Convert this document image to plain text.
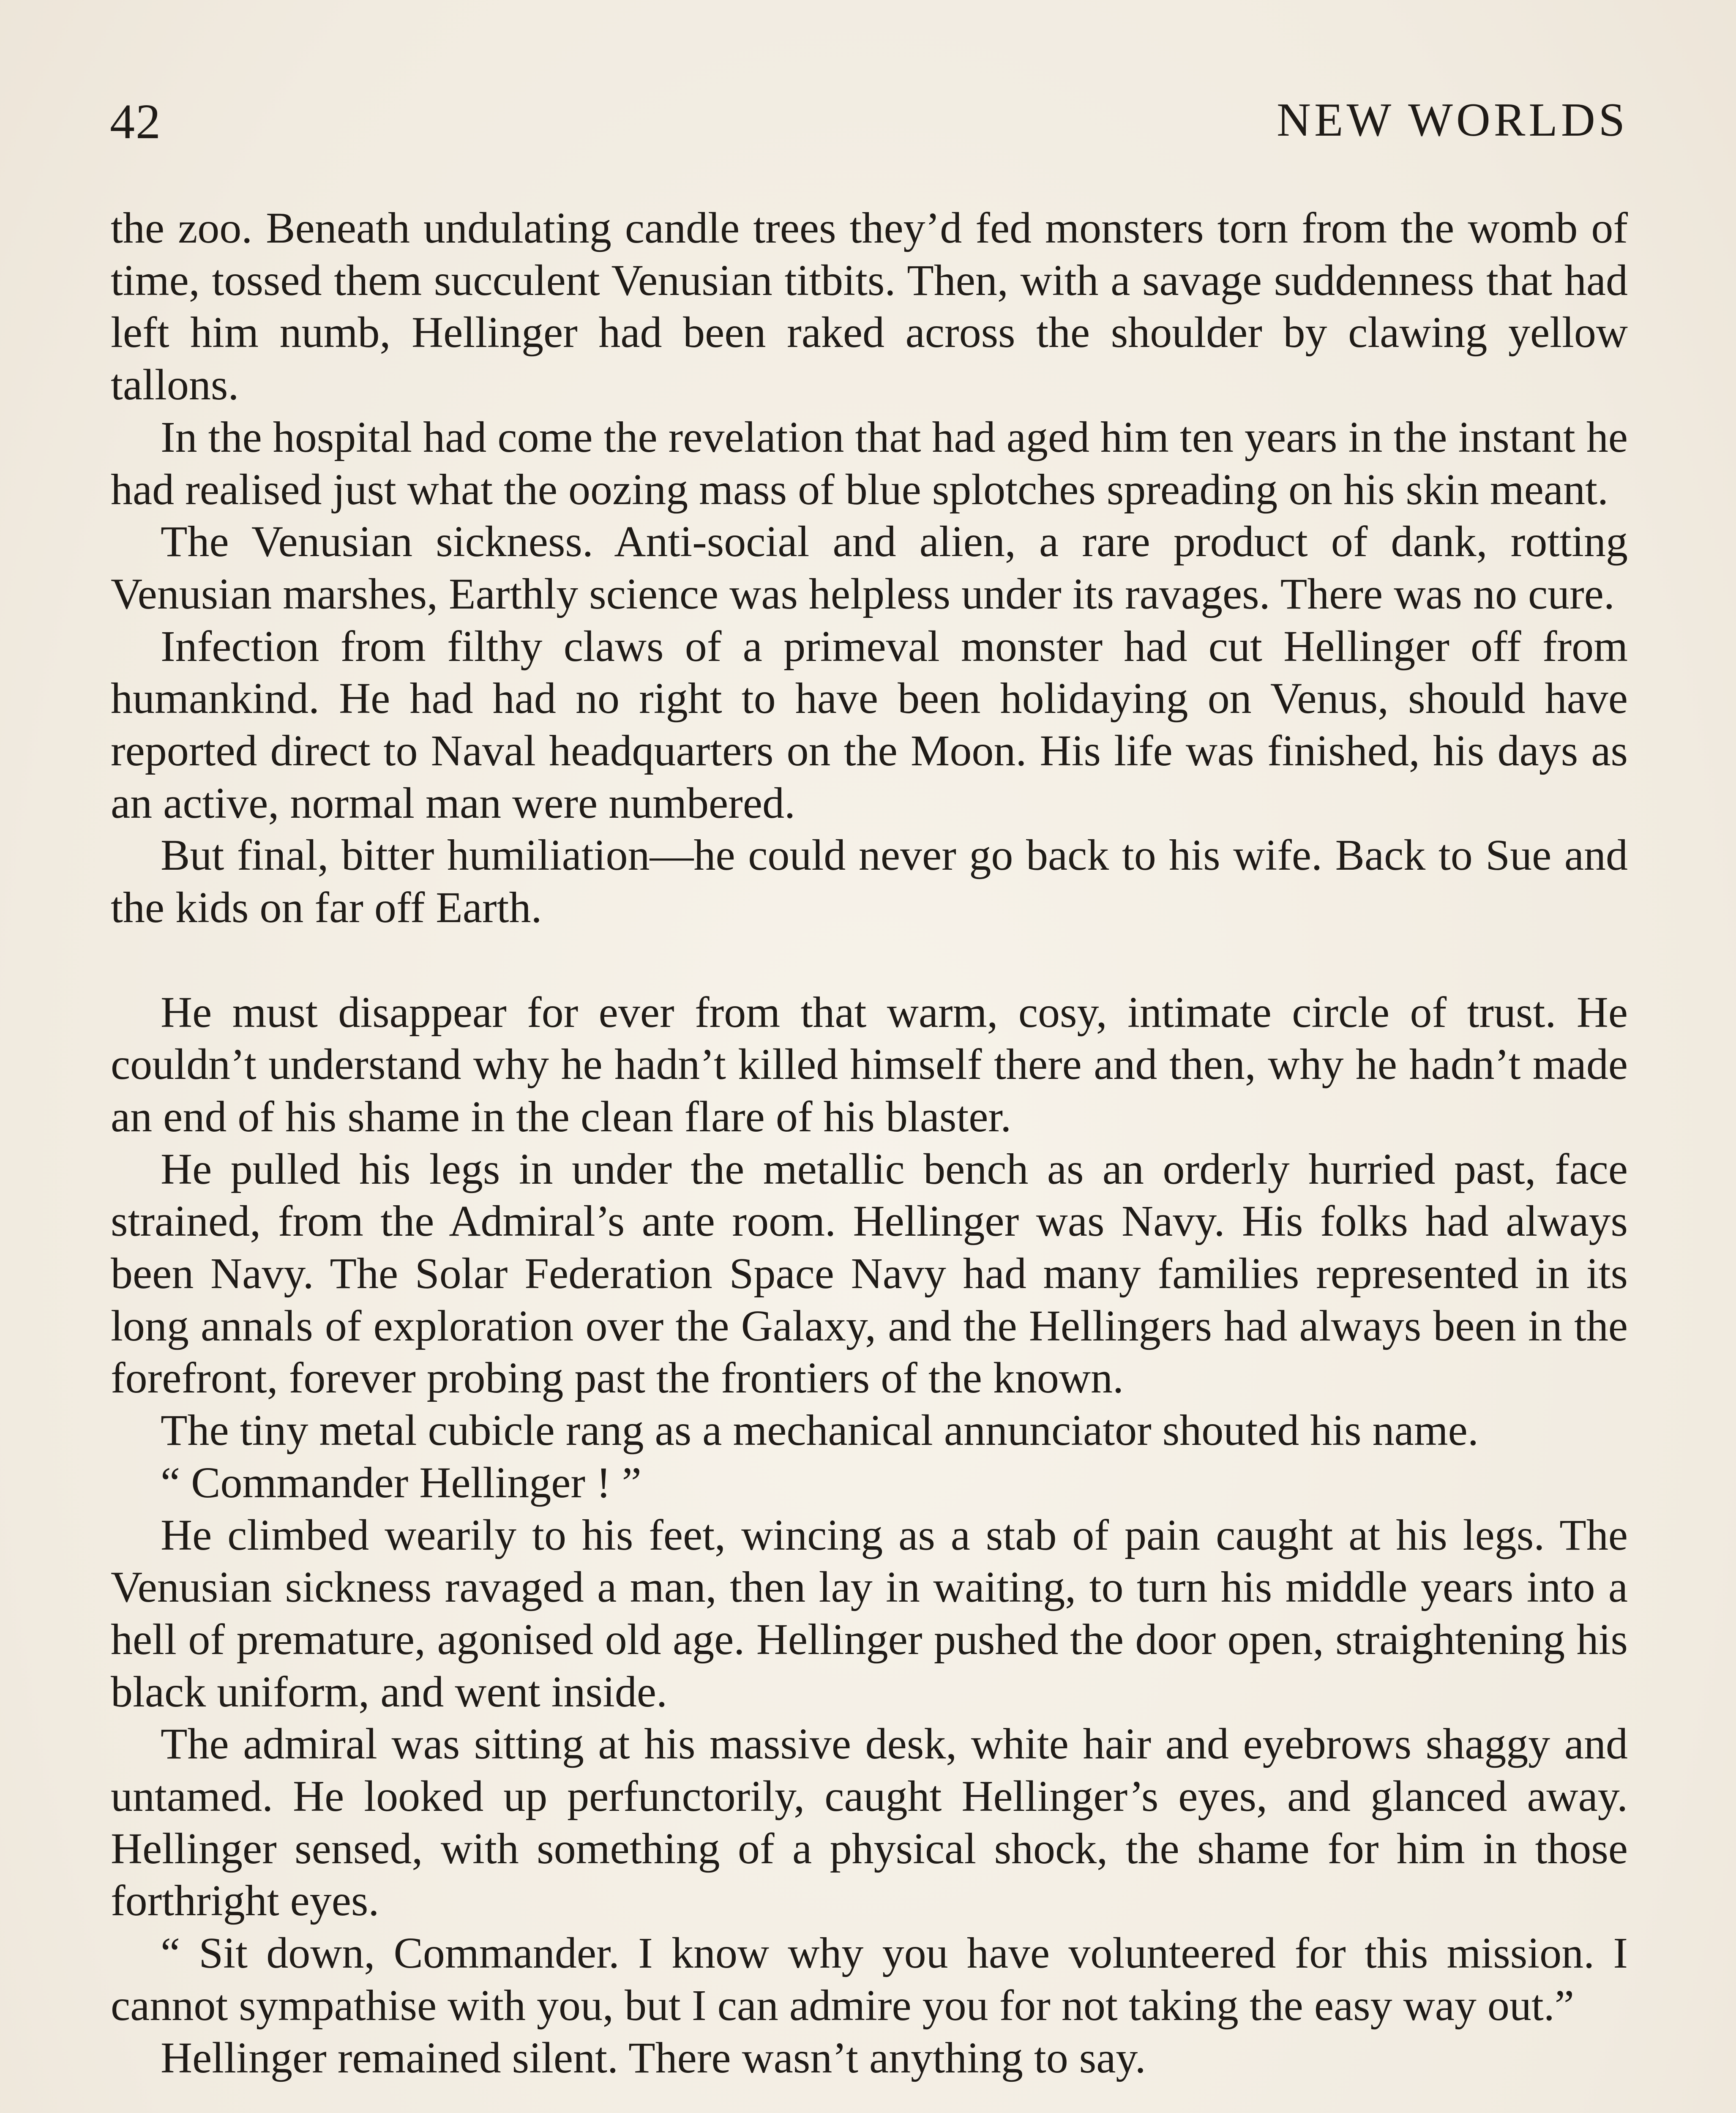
42	NEW WORLDS

the zoo. Beneath undulating candle trees they’d fed monsters torn from the womb of time, tossed them succulent Venusian titbits. Then, with a savage suddenness that had left him numb, Hellinger had been raked across the shoulder by clawing yellow tallons.

In the hospital had come the revelation that had aged him ten years in the instant he had realised just what the oozing mass of blue splotches spreading on his skin meant.

The Venusian sickness. Anti-social and alien, a rare product of dank, rotting Venusian marshes, Earthly science was helpless under its ravages. There was no cure.

Infection from filthy claws of a primeval monster had cut Hellinger off from humankind. He had had no right to have been holidaying on Venus, should have reported direct to Naval headquarters on the Moon. His life was finished, his days as an active, normal man were numbered.

But final, bitter humiliation—he could never go back to his wife. Back to Sue and the kids on far off Earth.

He must disappear for ever from that warm, cosy, intimate circle of trust. He couldn’t understand why he hadn’t killed himself there and then, why he hadn’t made an end of his shame in the clean flare of his blaster.

He pulled his legs in under the metallic bench as an orderly hurried past, face strained, from the Admiral’s ante room. Hellinger was Navy. His folks had always been Navy. The Solar Federation Space Navy had many families represented in its long annals of exploration over the Galaxy, and the Hellingers had always been in the forefront, forever probing past the frontiers of the known.

The tiny metal cubicle rang as a mechanical annunciator shouted his name.

“ Commander Hellinger ! ”

He climbed wearily to his feet, wincing as a stab of pain caught at his legs. The Venusian sickness ravaged a man, then lay in waiting, to turn his middle years into a hell of premature, agonised old age. Hellinger pushed the door open, straightening his black uniform, and went inside.

The admiral was sitting at his massive desk, white hair and eyebrows shaggy and untamed. He looked up perfunctorily, caught Hellinger’s eyes, and glanced away. Hellinger sensed, with something of a physical shock, the shame for him in those forthright eyes.

“ Sit down, Commander. I know why you have volunteered for this mission. I cannot sympathise with you, but I can admire you for not taking the easy way out.”

Hellinger remained silent. There wasn’t anything to say.
